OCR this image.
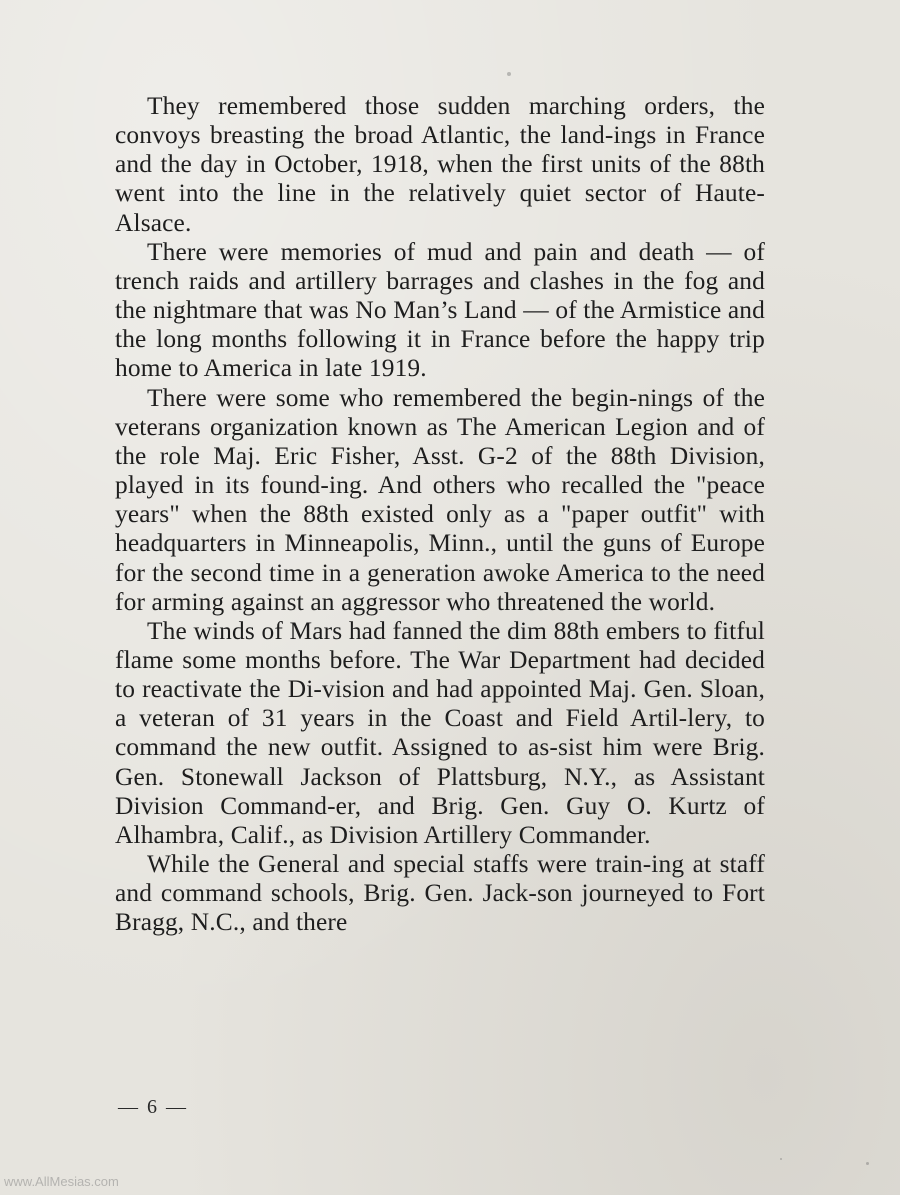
They remembered those sudden marching orders, the convoys breasting the broad Atlantic, the land-ings in France and the day in October, 1918, when the first units of the 88th went into the line in the relatively quiet sector of Haute-Alsace.

There were memories of mud and pain and death — of trench raids and artillery barrages and clashes in the fog and the nightmare that was No Man’s Land — of the Armistice and the long months following it in France before the happy trip home to America in late 1919.

There were some who remembered the begin-nings of the veterans organization known as The American Legion and of the role Maj. Eric Fisher, Asst. G-2 of the 88th Division, played in its found-ing. And others who recalled the "peace years" when the 88th existed only as a "paper outfit" with headquarters in Minneapolis, Minn., until the guns of Europe for the second time in a generation awoke America to the need for arming against an aggressor who threatened the world.

The winds of Mars had fanned the dim 88th embers to fitful flame some months before. The War Department had decided to reactivate the Di-vision and had appointed Maj. Gen. Sloan, a veteran of 31 years in the Coast and Field Artil-lery, to command the new outfit. Assigned to as-sist him were Brig. Gen. Stonewall Jackson of Plattsburg, N.Y., as Assistant Division Command-er, and Brig. Gen. Guy O. Kurtz of Alhambra, Calif., as Division Artillery Commander.

While the General and special staffs were train-ing at staff and command schools, Brig. Gen. Jack-son journeyed to Fort Bragg, N.C., and there

— 6 —
www.AllMesias.com
